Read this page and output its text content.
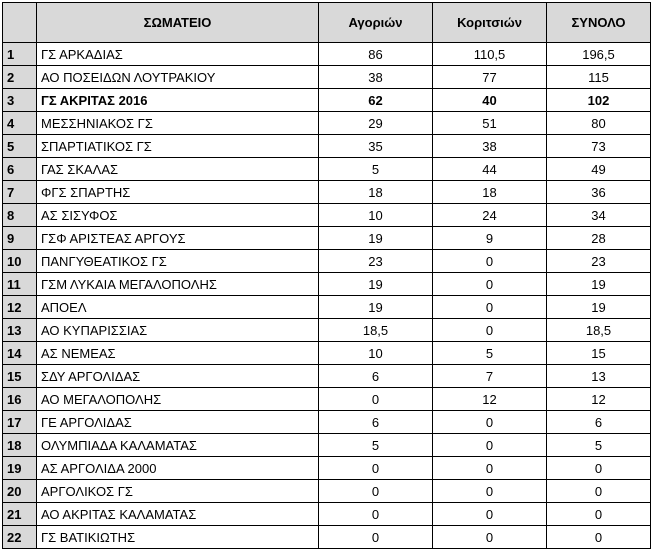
	ΣΩΜΑΤΕΙΟ	Αγοριών	Κοριτσιών	ΣΥΝΟΛΟ
1	ΓΣ ΑΡΚΑΔΙΑΣ	86	110,5	196,5
2	ΑΟ ΠΟΣΕΙΔΩΝ ΛΟΥΤΡΑΚΙΟΥ	38	77	115
3	ΓΣ ΑΚΡΙΤΑΣ 2016	62	40	102
4	ΜΕΣΣΗΝΙΑΚΟΣ ΓΣ	29	51	80
5	ΣΠΑΡΤΙΑΤΙΚΟΣ ΓΣ	35	38	73
6	ΓΑΣ ΣΚΑΛΑΣ	5	44	49
7	ΦΓΣ ΣΠΑΡΤΗΣ	18	18	36
8	ΑΣ ΣΙΣΥΦΟΣ	10	24	34
9	ΓΣΦ ΑΡΙΣΤΕΑΣ ΑΡΓΟΥΣ	19	9	28
10	ΠΑΝΓΥΘΕΑΤΙΚΟΣ ΓΣ	23	0	23
11	ΓΣΜ ΛΥΚΑΙΑ ΜΕΓΑΛΟΠΟΛΗΣ	19	0	19
12	ΑΠΟΕΛ	19	0	19
13	ΑΟ ΚΥΠΑΡΙΣΣΙΑΣ	18,5	0	18,5
14	ΑΣ ΝΕΜΕΑΣ	10	5	15
15	ΣΔΥ ΑΡΓΟΛΙΔΑΣ	6	7	13
16	ΑΟ ΜΕΓΑΛΟΠΟΛΗΣ	0	12	12
17	ΓΕ ΑΡΓΟΛΙΔΑΣ	6	0	6
18	ΟΛΥΜΠΙΑΔΑ ΚΑΛΑΜΑΤΑΣ	5	0	5
19	ΑΣ ΑΡΓΟΛΙΔΑ 2000	0	0	0
20	ΑΡΓΟΛΙΚΟΣ ΓΣ	0	0	0
21	ΑΟ ΑΚΡΙΤΑΣ ΚΑΛΑΜΑΤΑΣ	0	0	0
22	ΓΣ ΒΑΤΙΚΙΩΤΗΣ	0	0	0
